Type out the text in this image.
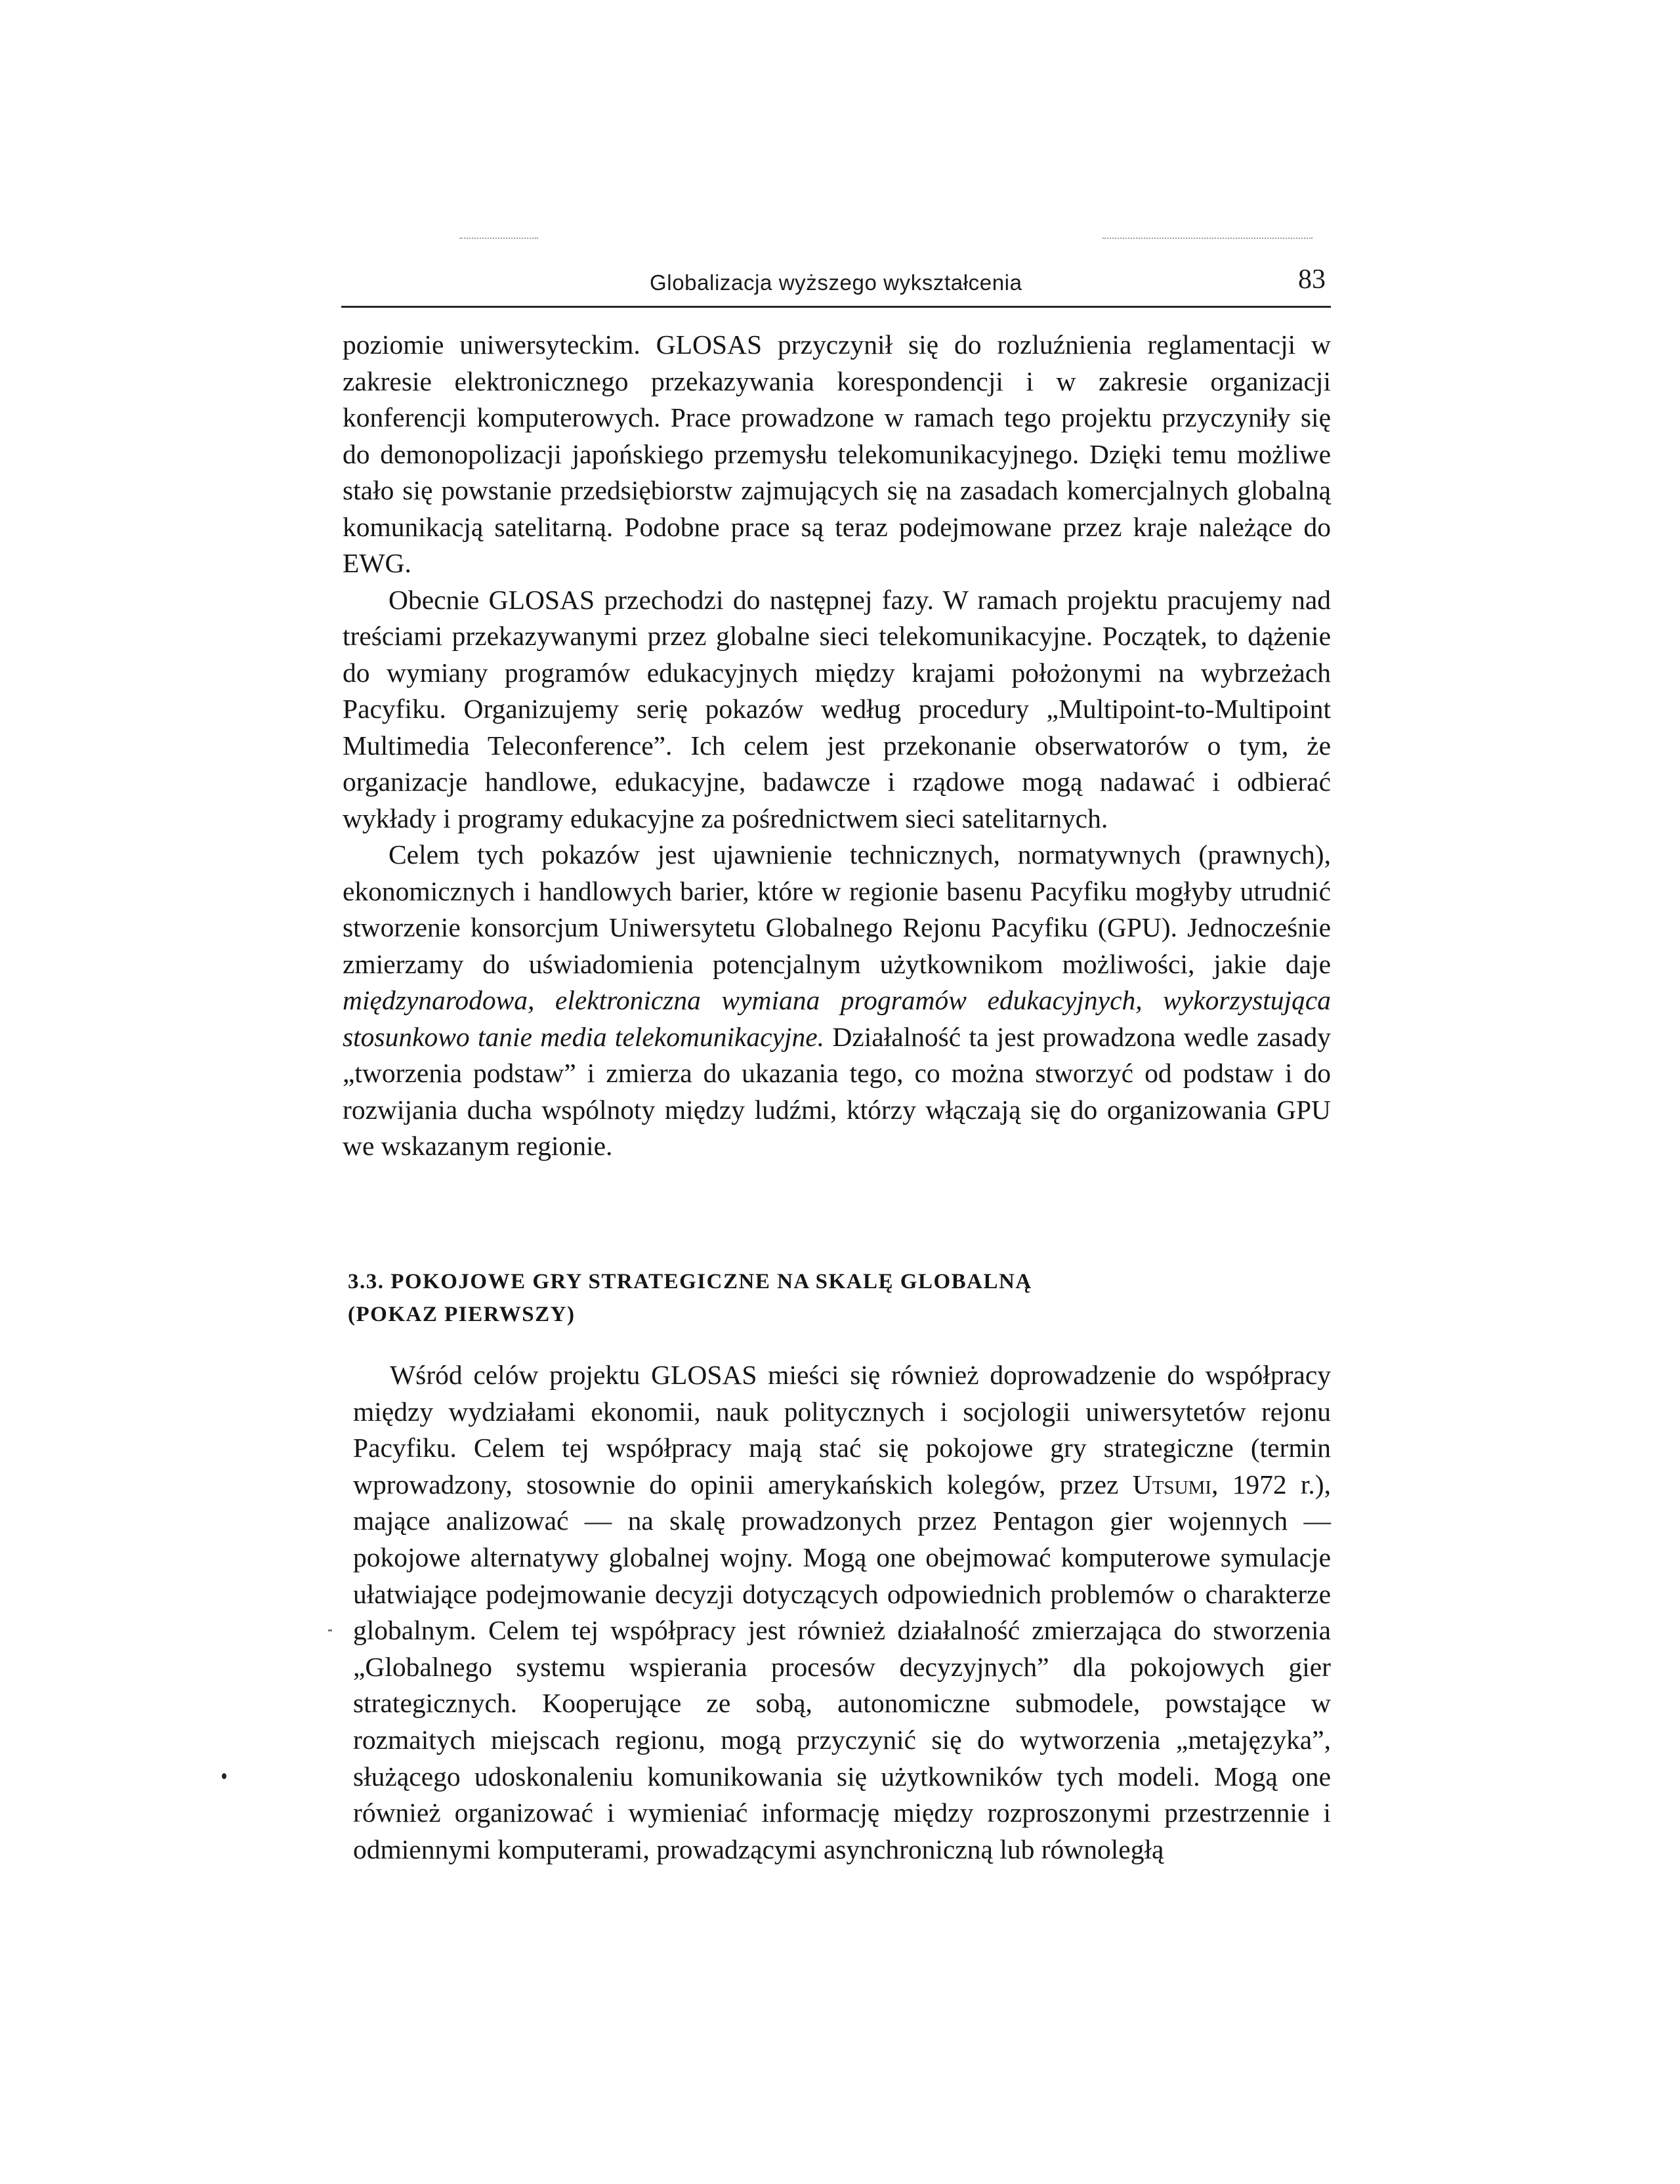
Globalizacja wyższego wykształcenia	83

poziomie uniwersyteckim. GLOSAS przyczynił się do rozluźnienia reglamentacji w zakresie elektronicznego przekazywania korespondencji i w zakresie organizacji konferencji komputerowych. Prace prowadzone w ramach tego projektu przyczyniły się do demonopolizacji japońskiego przemysłu telekomunikacyjnego. Dzięki temu możliwe stało się powstanie przedsiębiorstw zajmujących się na zasadach komercjalnych globalną komunikacją satelitarną. Podobne prace są teraz podejmowane przez kraje należące do EWG.

Obecnie GLOSAS przechodzi do następnej fazy. W ramach projektu pracujemy nad treściami przekazywanymi przez globalne sieci telekomunikacyjne. Początek, to dążenie do wymiany programów edukacyjnych między krajami położonymi na wybrzeżach Pacyfiku. Organizujemy serię pokazów według procedury „Multipoint-to-Multipoint Multimedia Teleconference”. Ich celem jest przekonanie obserwatorów o tym, że organizacje handlowe, edukacyjne, badawcze i rządowe mogą nadawać i odbierać wykłady i programy edukacyjne za pośrednictwem sieci satelitarnych.

Celem tych pokazów jest ujawnienie technicznych, normatywnych (prawnych), ekonomicznych i handlowych barier, które w regionie basenu Pacyfiku mogłyby utrudnić stworzenie konsorcjum Uniwersytetu Globalnego Rejonu Pacyfiku (GPU). Jednocześnie zmierzamy do uświadomienia potencjalnym użytkownikom możliwości, jakie daje międzynarodowa, elektroniczna wymiana programów edukacyjnych, wykorzystująca stosunkowo tanie media telekomunikacyjne. Działalność ta jest prowadzona wedle zasady „tworzenia podstaw” i zmierza do ukazania tego, co można stworzyć od podstaw i do rozwijania ducha wspólnoty między ludźmi, którzy włączają się do organizowania GPU we wskazanym regionie.

3.3. POKOJOWE GRY STRATEGICZNE NA SKALĘ GLOBALNĄ
(POKAZ PIERWSZY)

Wśród celów projektu GLOSAS mieści się również doprowadzenie do współpracy między wydziałami ekonomii, nauk politycznych i socjologii uniwersytetów rejonu Pacyfiku. Celem tej współpracy mają stać się pokojowe gry strategiczne (termin wprowadzony, stosownie do opinii amerykańskich kolegów, przez Utsumi, 1972 r.), mające analizować — na skalę prowadzonych przez Pentagon gier wojennych — pokojowe alternatywy globalnej wojny. Mogą one obejmować komputerowe symulacje ułatwiające podejmowanie decyzji dotyczących odpowiednich problemów o charakterze globalnym. Celem tej współpracy jest również działalność zmierzająca do stworzenia „Globalnego systemu wspierania procesów decyzyjnych” dla pokojowych gier strategicznych. Kooperujące ze sobą, autonomiczne submodele, powstające w rozmaitych miejscach regionu, mogą przyczynić się do wytworzenia „metajęzyka”, służącego udoskonaleniu komunikowania się użytkowników tych modeli. Mogą one również organizować i wymieniać informację między rozproszonymi przestrzennie i odmiennymi komputerami, prowadzącymi asynchroniczną lub równoległą
